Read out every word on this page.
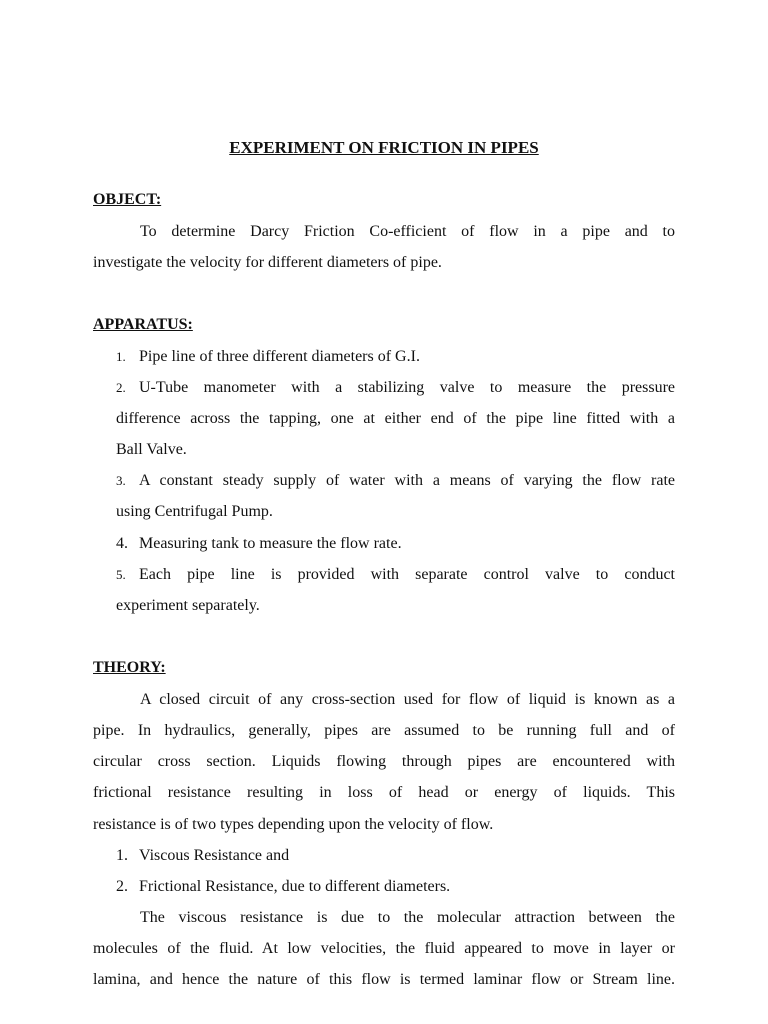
EXPERIMENT ON FRICTION IN PIPES
OBJECT:
To determine Darcy Friction Co-efficient of flow in a pipe and to
investigate the velocity for different diameters of pipe.
APPARATUS:
1. Pipe line of three different diameters of G.I.
2. U-Tube manometer with a stabilizing valve to measure the pressure
difference across the tapping, one at either end of the pipe line fitted with a
Ball Valve.
3. A constant steady supply of water with a means of varying the flow rate
using Centrifugal Pump.
4. Measuring tank to measure the flow rate.
5. Each pipe line is provided with separate control valve to conduct
experiment separately.
THEORY:
A closed circuit of any cross-section used for flow of liquid is known as a
pipe. In hydraulics, generally, pipes are assumed to be running full and of
circular cross section. Liquids flowing through pipes are encountered with
frictional resistance resulting in loss of head or energy of liquids. This
resistance is of two types depending upon the velocity of flow.
1. Viscous Resistance and
2. Frictional Resistance, due to different diameters.
The viscous resistance is due to the molecular attraction between the
molecules of the fluid. At low velocities, the fluid appeared to move in layer or
lamina, and hence the nature of this flow is termed laminar flow or Stream line.
